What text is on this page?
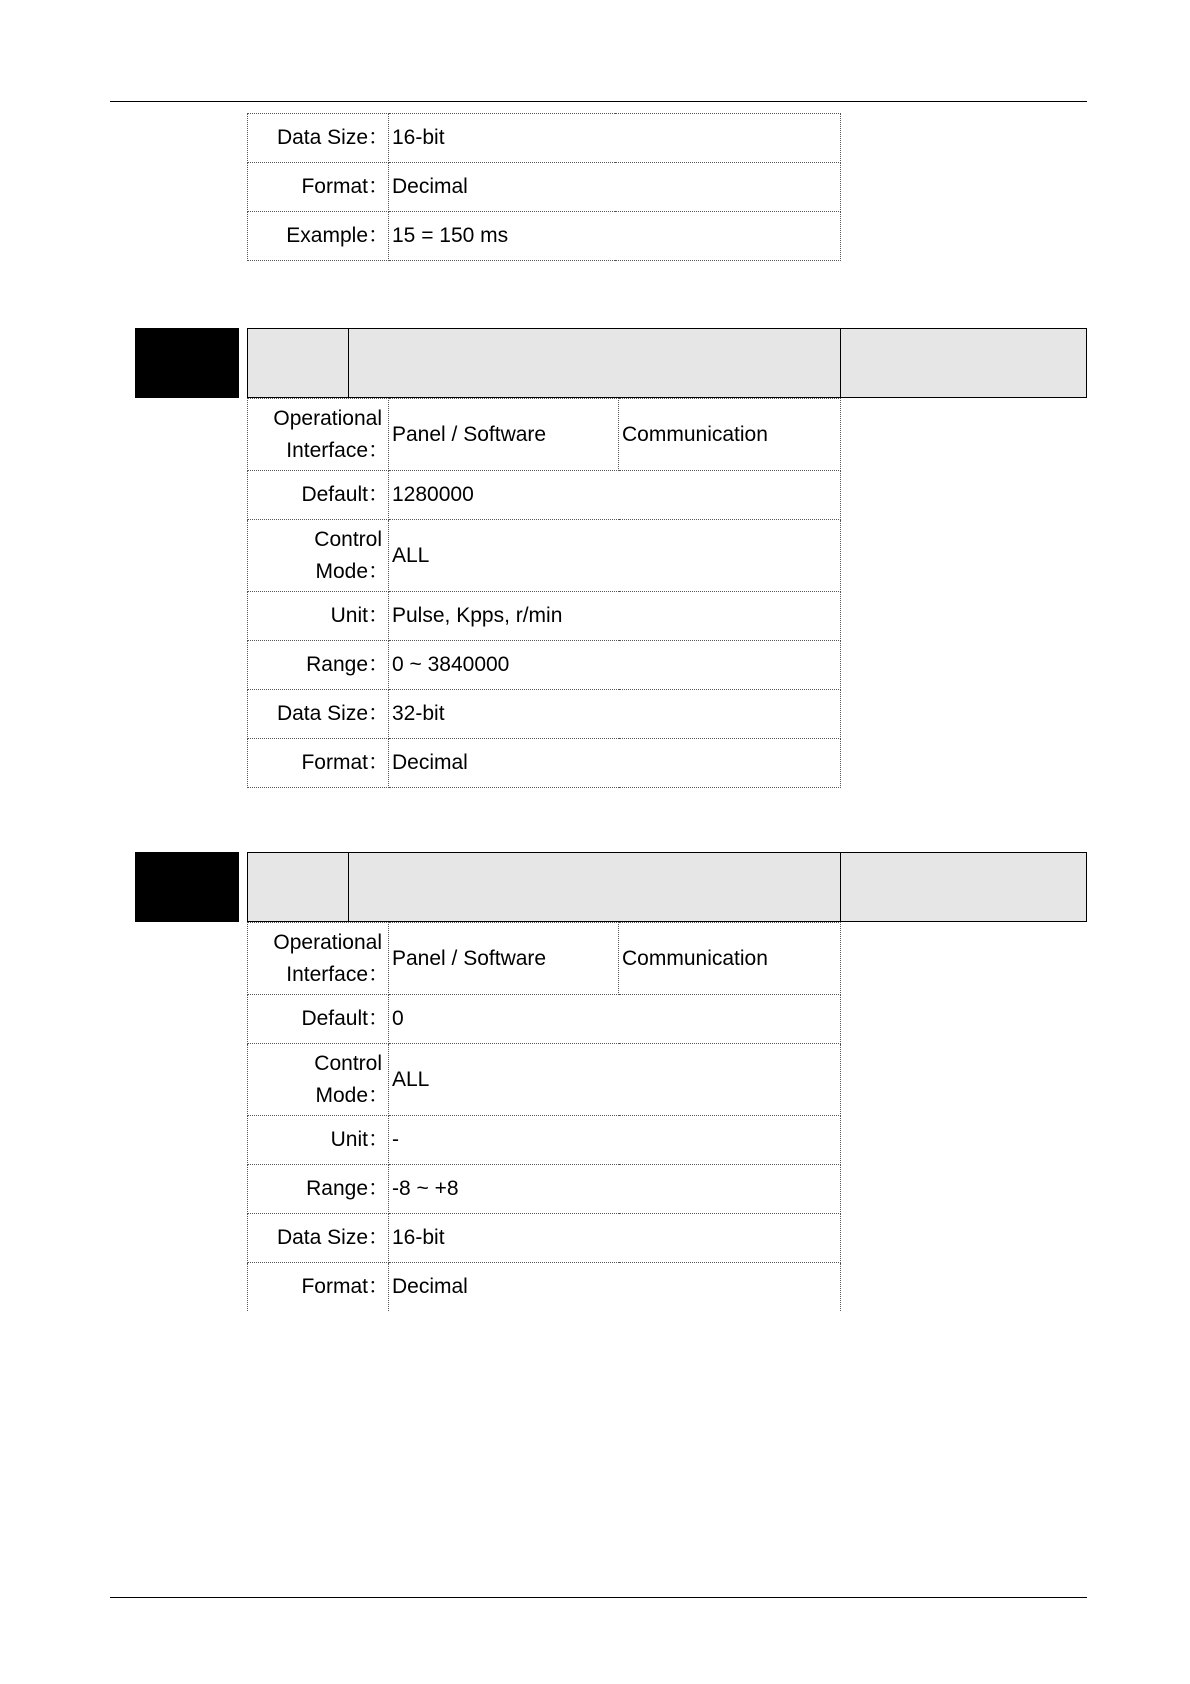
Data Size：	16-bit
Format：	Decimal
Example：	15 = 150 ms
Operational
Interface：	Panel / Software	Communication
Default：	1280000	
Control
Mode：	ALL	
Unit：	Pulse, Kpps, r/min	
Range：	0 ~ 3840000	
Data Size：	32-bit	
Format：	Decimal	
Operational
Interface：	Panel / Software	Communication
Default：	0	
Control
Mode：	ALL	
Unit：	-	
Range：	-8 ~ +8	
Data Size：	16-bit	
Format：	Decimal	
